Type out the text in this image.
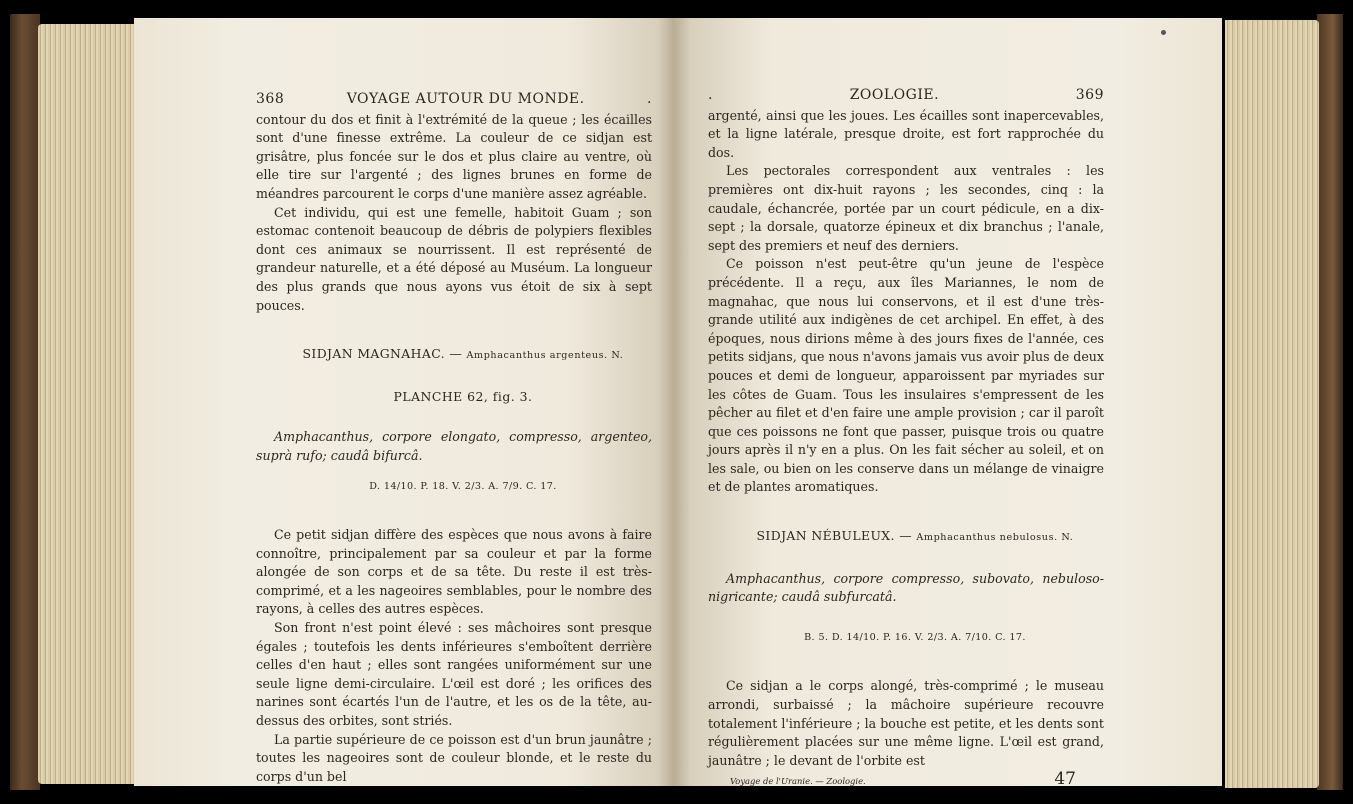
368	VOYAGE AUTOUR DU MONDE.	.

contour du dos et finit à l'extrémité de la queue ; les écailles sont d'une finesse extrême. La couleur de ce sidjan est grisâtre, plus foncée sur le dos et plus claire au ventre, où elle tire sur l'argenté ; des lignes brunes en forme de méandres parcourent le corps d'une manière assez agréable.

Cet individu, qui est une femelle, habitoit Guam ; son estomac contenoit beaucoup de débris de polypiers flexibles dont ces animaux se nourrissent. Il est représenté de grandeur naturelle, et a été déposé au Muséum. La longueur des plus grands que nous ayons vus étoit de six à sept pouces.

SIDJAN MAGNAHAC. — Amphacanthus argenteus. N.

PLANCHE 62, fig. 3.

Amphacanthus, corpore elongato, compresso, argenteo, suprà rufo; caudâ bifurcâ.

D. 14/10. P. 18. V. 2/3. A. 7/9. C. 17.

Ce petit sidjan diffère des espèces que nous avons à faire connoître, principalement par sa couleur et par la forme alongée de son corps et de sa tête. Du reste il est très-comprimé, et a les nageoires semblables, pour le nombre des rayons, à celles des autres espèces.

Son front n'est point élevé : ses mâchoires sont presque égales ; toutefois les dents inférieures s'emboîtent derrière celles d'en haut ; elles sont rangées uniformément sur une seule ligne demi-circulaire. L'œil est doré ; les orifices des narines sont écartés l'un de l'autre, et les os de la tête, au-dessus des orbites, sont striés.

La partie supérieure de ce poisson est d'un brun jaunâtre ; toutes les nageoires sont de couleur blonde, et le reste du corps d'un bel

.	ZOOLOGIE.	369

argenté, ainsi que les joues. Les écailles sont inapercevables, et la ligne latérale, presque droite, est fort rapprochée du dos.

Les pectorales correspondent aux ventrales : les premières ont dix-huit rayons ; les secondes, cinq : la caudale, échancrée, portée par un court pédicule, en a dix-sept ; la dorsale, quatorze épineux et dix branchus ; l'anale, sept des premiers et neuf des derniers.

Ce poisson n'est peut-être qu'un jeune de l'espèce précédente. Il a reçu, aux îles Mariannes, le nom de magnahac, que nous lui conservons, et il est d'une très-grande utilité aux indigènes de cet archipel. En effet, à des époques, nous dirions même à des jours fixes de l'année, ces petits sidjans, que nous n'avons jamais vus avoir plus de deux pouces et demi de longueur, apparoissent par myriades sur les côtes de Guam. Tous les insulaires s'empressent de les pêcher au filet et d'en faire une ample provision ; car il paroît que ces poissons ne font que passer, puisque trois ou quatre jours après il n'y en a plus. On les fait sécher au soleil, et on les sale, ou bien on les conserve dans un mélange de vinaigre et de plantes aromatiques.

SIDJAN NÉBULEUX. — Amphacanthus nebulosus. N.

Amphacanthus, corpore compresso, subovato, nebuloso-nigricante; caudâ subfurcatâ.

B. 5. D. 14/10. P. 16. V. 2/3. A. 7/10. C. 17.

Ce sidjan a le corps alongé, très-comprimé ; le museau arrondi, surbaissé ; la mâchoire supérieure recouvre totalement l'inférieure ; la bouche est petite, et les dents sont régulièrement placées sur une même ligne. L'œil est grand, jaunâtre ; le devant de l'orbite est

Voyage de l'Uranie. — Zoologie.	47
